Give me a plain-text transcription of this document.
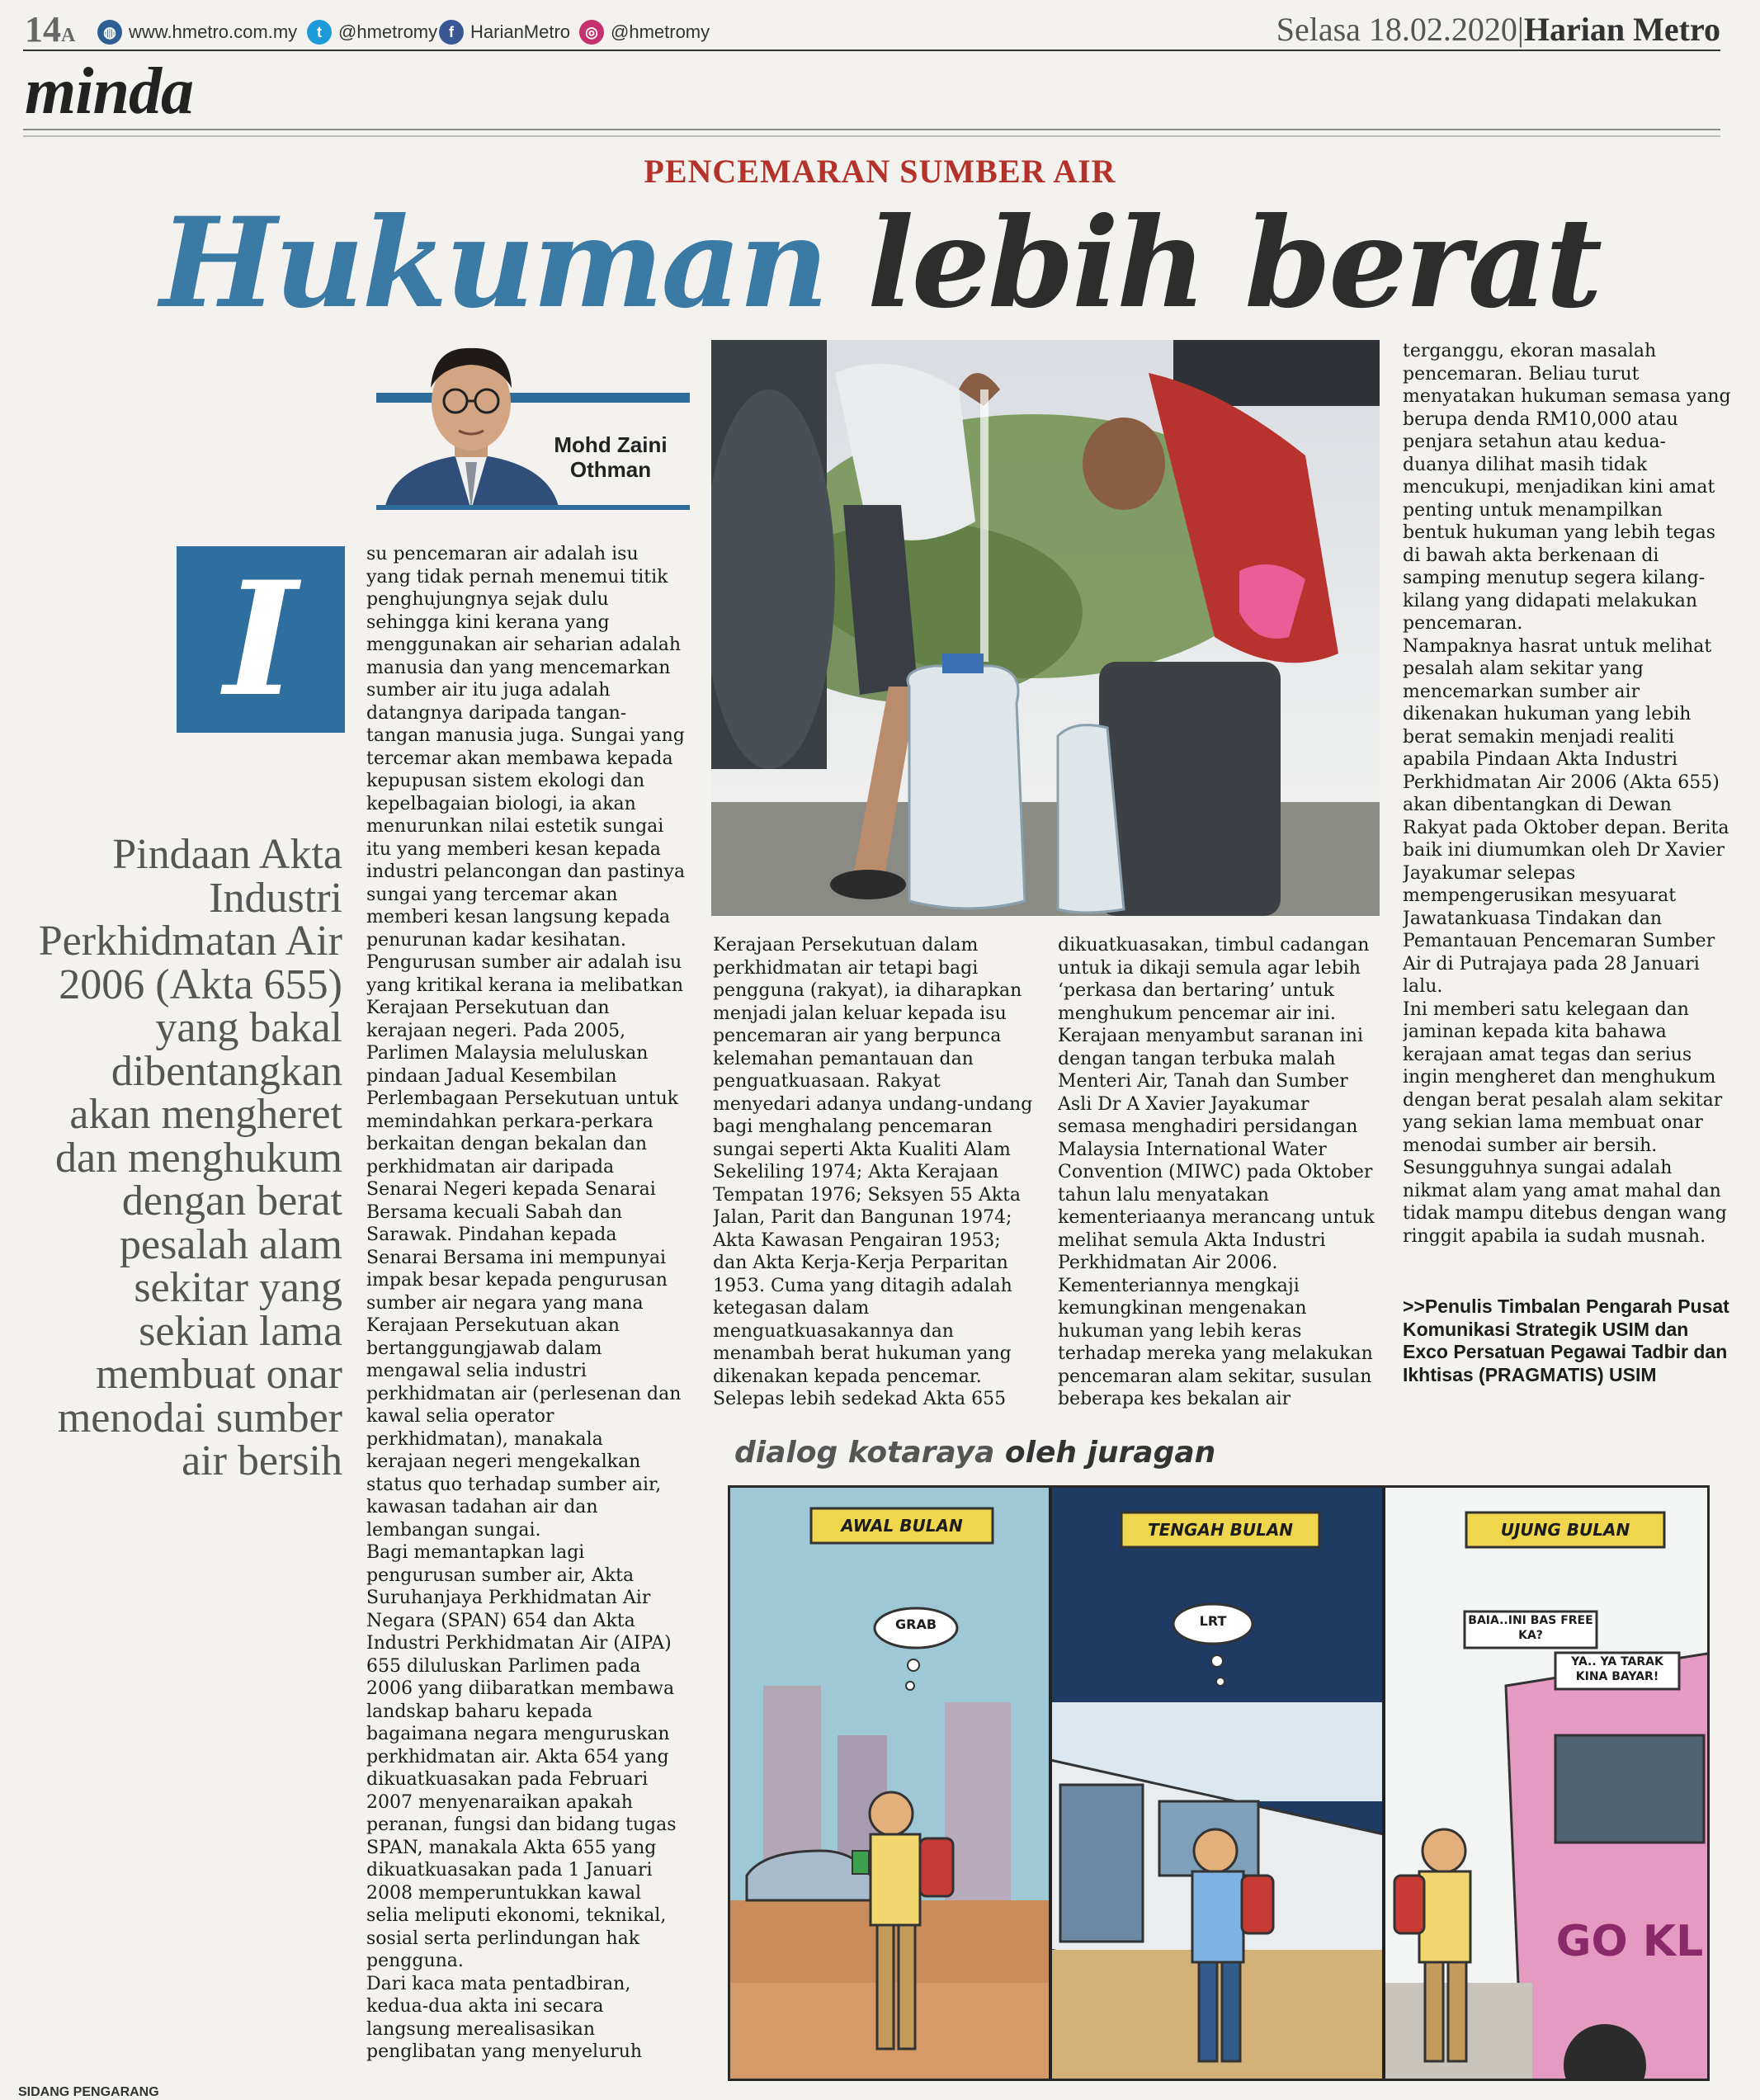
14A	◍ www.hmetro.com.my	t @hmetromy f HarianMetro	◎ @hmetromy	Selasa 18.02.2020|Harian Metro
minda
PENCEMARAN SUMBER AIR
Hukuman lebih berat
Mohd Zaini Othman
I
Pindaan Akta Industri Perkhidmatan Air 2006 (Akta 655) yang bakal dibentangkan akan mengheret dan menghukum dengan berat pesalah alam sekitar yang sekian lama membuat onar menodai sumber air bersih
su pencemaran air adalah isu yang tidak pernah menemui titik penghujungnya sejak dulu sehingga kini kerana yang menggunakan air seharian adalah manusia dan yang mencemarkan sumber air itu juga adalah datangnya daripada tangan-tangan manusia juga. Sungai yang tercemar akan membawa kepada kepupusan sistem ekologi dan kepelbagaian biologi, ia akan menurunkan nilai estetik sungai itu yang memberi kesan kepada industri pelancongan dan pastinya sungai yang tercemar akan memberi kesan langsung kepada penurunan kadar kesihatan.
Pengurusan sumber air adalah isu yang kritikal kerana ia melibatkan Kerajaan Persekutuan dan kerajaan negeri. Pada 2005, Parlimen Malaysia meluluskan pindaan Jadual Kesembilan Perlembagaan Persekutuan untuk memindahkan perkara-perkara berkaitan dengan bekalan dan perkhidmatan air daripada Senarai Negeri kepada Senarai Bersama kecuali Sabah dan Sarawak. Pindahan kepada Senarai Bersama ini mempunyai impak besar kepada pengurusan sumber air negara yang mana Kerajaan Persekutuan akan bertanggungjawab dalam mengawal selia industri perkhidmatan air (perlesenan dan kawal selia operator perkhidmatan), manakala kerajaan negeri mengekalkan status quo terhadap sumber air, kawasan tadahan air dan lembangan sungai.
Bagi memantapkan lagi pengurusan sumber air, Akta Suruhanjaya Perkhidmatan Air Negara (SPAN) 654 dan Akta Industri Perkhidmatan Air (AIPA) 655 diluluskan Parlimen pada 2006 yang diibaratkan membawa landskap baharu kepada bagaimana negara menguruskan perkhidmatan air. Akta 654 yang dikuatkuasakan pada Februari 2007 menyenaraikan apakah peranan, fungsi dan bidang tugas SPAN, manakala Akta 655 yang dikuatkuasakan pada 1 Januari 2008 memperuntukkan kawal selia meliputi ekonomi, teknikal, sosial serta perlindungan hak pengguna.
Dari kaca mata pentadbiran, kedua-dua akta ini secara langsung merealisasikan penglibatan yang menyeluruh
Kerajaan Persekutuan dalam perkhidmatan air tetapi bagi pengguna (rakyat), ia diharapkan menjadi jalan keluar kepada isu pencemaran air yang berpunca kelemahan pemantauan dan penguatkuasaan. Rakyat menyedari adanya undang-undang bagi menghalang pencemaran sungai seperti Akta Kualiti Alam Sekeliling 1974; Akta Kerajaan Tempatan 1976; Seksyen 55 Akta Jalan, Parit dan Bangunan 1974; Akta Kawasan Pengairan 1953; dan Akta Kerja-Kerja Perparitan 1953. Cuma yang ditagih adalah ketegasan dalam menguatkuasakannya dan menambah berat hukuman yang dikenakan kepada pencemar.
Selepas lebih sedekad Akta 655
dikuatkuasakan, timbul cadangan untuk ia dikaji semula agar lebih ‘perkasa dan bertaring’ untuk menghukum pencemar air ini. Kerajaan menyambut saranan ini dengan tangan terbuka malah Menteri Air, Tanah dan Sumber Asli Dr A Xavier Jayakumar semasa menghadiri persidangan Malaysia International Water Convention (MIWC) pada Oktober tahun lalu menyatakan kementeriaanya merancang untuk melihat semula Akta Industri Perkhidmatan Air 2006.
Kementeriannya mengkaji kemungkinan mengenakan hukuman yang lebih keras terhadap mereka yang melakukan pencemaran alam sekitar, susulan beberapa kes bekalan air
terganggu, ekoran masalah pencemaran. Beliau turut menyatakan hukuman semasa yang berupa denda RM10,000 atau penjara setahun atau kedua-duanya dilihat masih tidak mencukupi, menjadikan kini amat penting untuk menampilkan bentuk hukuman yang lebih tegas di bawah akta berkenaan di samping menutup segera kilang-kilang yang didapati melakukan pencemaran.
Nampaknya hasrat untuk melihat pesalah alam sekitar yang mencemarkan sumber air dikenakan hukuman yang lebih berat semakin menjadi realiti apabila Pindaan Akta Industri Perkhidmatan Air 2006 (Akta 655) akan dibentangkan di Dewan Rakyat pada Oktober depan. Berita baik ini diumumkan oleh Dr Xavier Jayakumar selepas mempengerusikan mesyuarat Jawatankuasa Tindakan dan Pemantauan Pencemaran Sumber Air di Putrajaya pada 28 Januari lalu.
Ini memberi satu kelegaan dan jaminan kepada kita bahawa kerajaan amat tegas dan serius ingin mengheret dan menghukum dengan berat pesalah alam sekitar yang sekian lama membuat onar menodai sumber air bersih. Sesungguhnya sungai adalah nikmat alam yang amat mahal dan tidak mampu ditebus dengan wang ringgit apabila ia sudah musnah.
>>Penulis Timbalan Pengarah Pusat Komunikasi Strategik USIM dan Exco Persatuan Pegawai Tadbir dan Ikhtisas (PRAGMATIS) USIM
dialog kotaraya oleh juragan
AWAL BULAN
GRAB
TENGAH BULAN
LRT
UJUNG BULAN
BAIA..INI BAS FREE KA?
YA.. YA TARAK KINA BAYAR!
GO KL
SIDANG PENGARANG
